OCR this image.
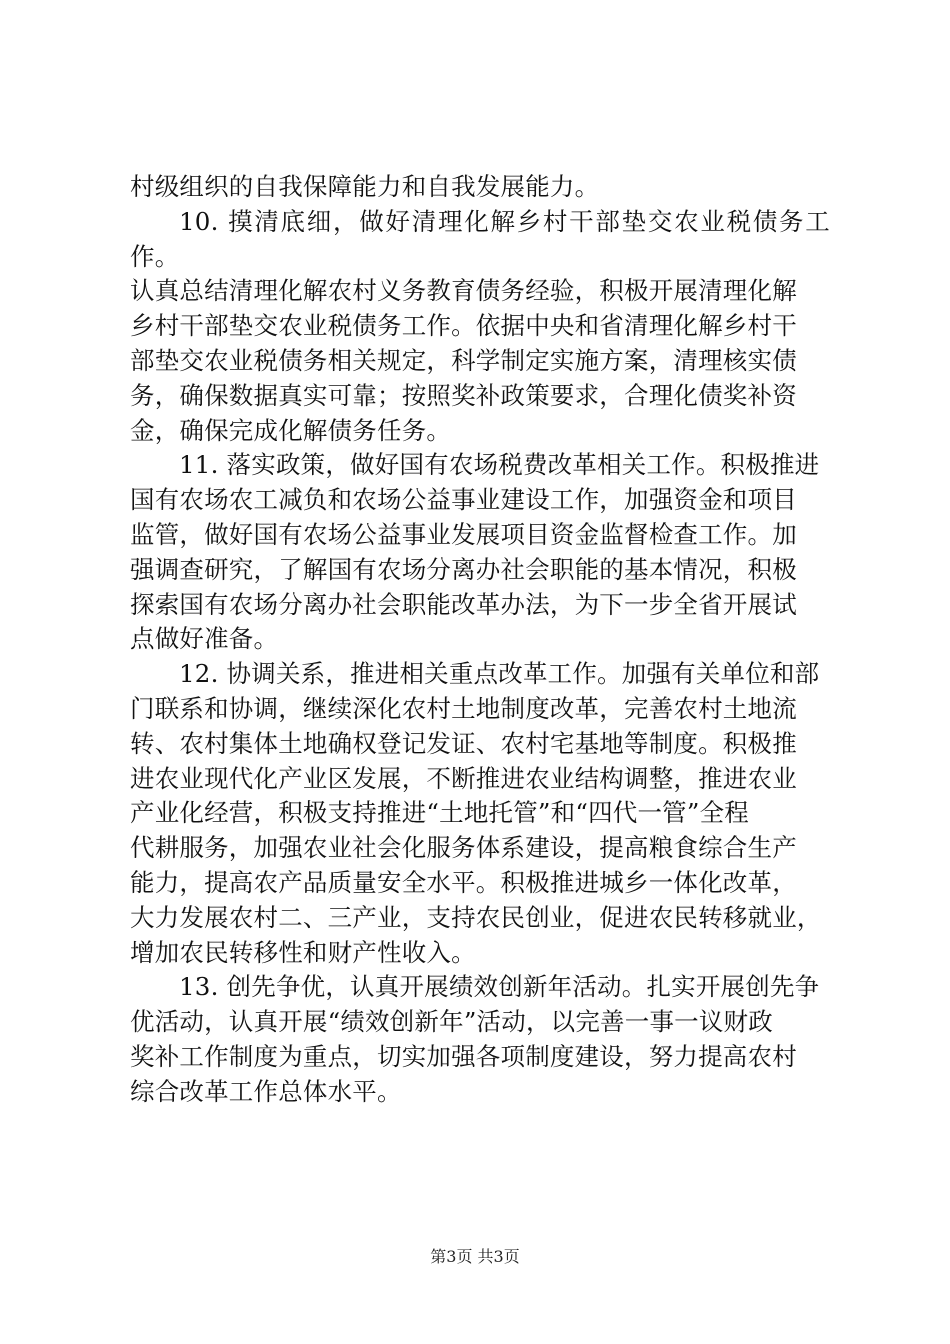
村级组织的自我保障能力和自我发展能力。

10. 摸清底细，做好清理化解乡村干部垫交农业税债务工作。
认真总结清理化解农村义务教育债务经验，积极开展清理化解
乡村干部垫交农业税债务工作。依据中央和省清理化解乡村干
部垫交农业税债务相关规定，科学制定实施方案，清理核实债
务，确保数据真实可靠；按照奖补政策要求，合理化债奖补资
金，确保完成化解债务任务。

11. 落实政策，做好国有农场税费改革相关工作。积极推进
国有农场农工减负和农场公益事业建设工作，加强资金和项目
监管，做好国有农场公益事业发展项目资金监督检查工作。加
强调查研究，了解国有农场分离办社会职能的基本情况，积极
探索国有农场分离办社会职能改革办法，为下一步全省开展试
点做好准备。

12. 协调关系，推进相关重点改革工作。加强有关单位和部
门联系和协调，继续深化农村土地制度改革，完善农村土地流
转、农村集体土地确权登记发证、农村宅基地等制度。积极推
进农业现代化产业区发展，不断推进农业结构调整，推进农业
产业化经营，积极支持推进“土地托管”和“四代一管”全程
代耕服务，加强农业社会化服务体系建设，提高粮食综合生产
能力，提高农产品质量安全水平。积极推进城乡一体化改革，
大力发展农村二、三产业，支持农民创业，促进农民转移就业，
增加农民转移性和财产性收入。

13. 创先争优，认真开展绩效创新年活动。扎实开展创先争
优活动，认真开展“绩效创新年”活动，以完善一事一议财政
奖补工作制度为重点，切实加强各项制度建设，努力提高农村
综合改革工作总体水平。

第3页 共3页
